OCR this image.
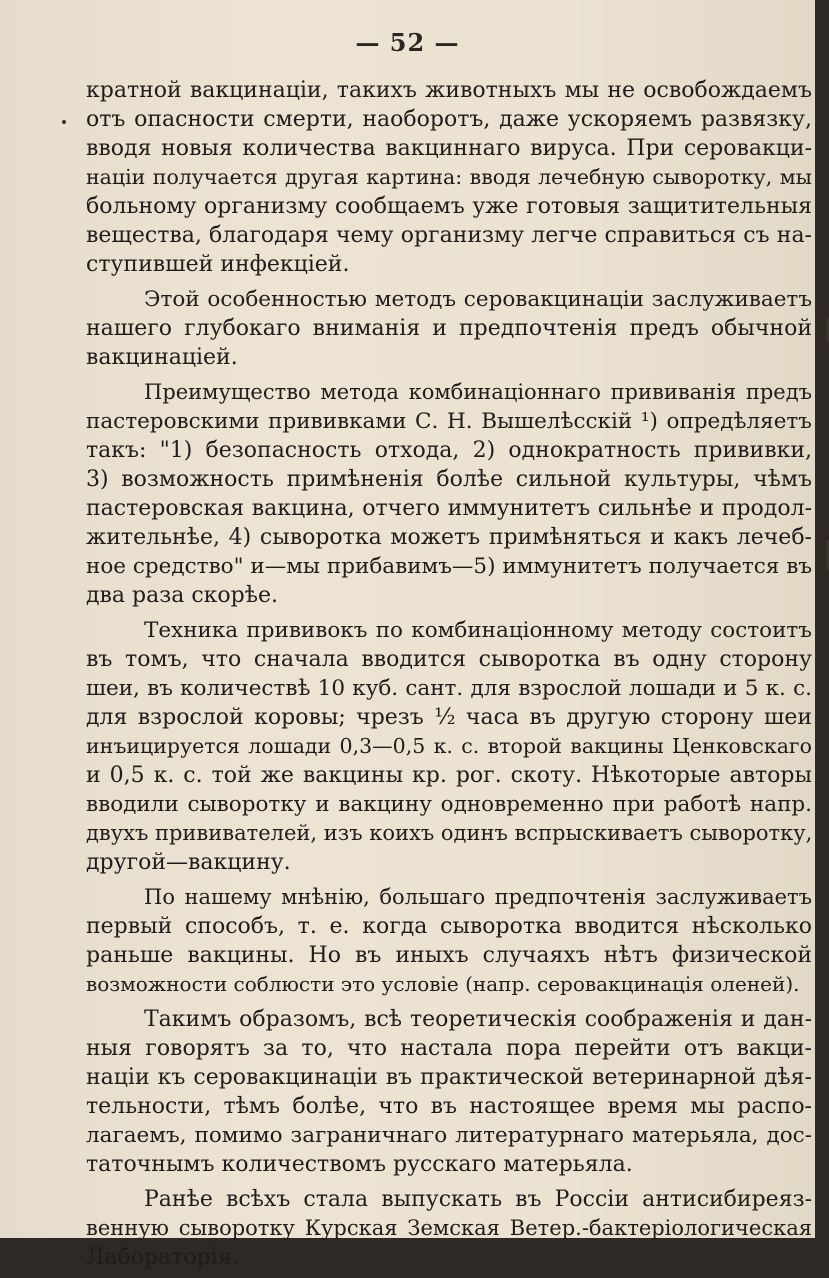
— 52 —
кратной вакцинаціи, такихъ животныхъ мы не освобождаемъ
отъ опасности смерти, наоборотъ, даже ускоряемъ развязку,
вводя новыя количества вакциннаго вируса. При серовакци-
націи получается другая картина: вводя лечебную сыворотку, мы
больному организму сообщаемъ уже готовыя защитительныя
вещества, благодаря чему организму легче справиться съ на-
ступившей инфекціей.
Этой особенностью методъ серовакцинаціи заслуживаетъ
нашего глубокаго вниманія и предпочтенія предъ обычной
вакцинаціей.
Преимущество метода комбинаціоннаго прививанія предъ
пастеровскими прививками С. Н. Вышелѣсскій ¹) опредѣляетъ
такъ: "1) безопасность отхода, 2) однократность прививки,
3) возможность примѣненія болѣе сильной культуры, чѣмъ
пастеровская вакцина, отчего иммунитетъ сильнѣе и продол-
жительнѣе, 4) сыворотка можетъ примѣняться и какъ лечеб-
ное средство" и—мы прибавимъ—5) иммунитетъ получается въ
два раза скорѣе.
Техника прививокъ по комбинаціонному методу состоитъ
въ томъ, что сначала вводится сыворотка въ одну сторону
шеи, въ количествѣ 10 куб. сант. для взрослой лошади и 5 к. с.
для взрослой коровы; чрезъ ½ часа въ другую сторону шеи
инъицируется лошади 0,3—0,5 к. с. второй вакцины Ценковскаго
и 0,5 к. с. той же вакцины кр. рог. скоту. Нѣкоторые авторы
вводили сыворотку и вакцину одновременно при работѣ напр.
двухъ прививателей, изъ коихъ одинъ вспрыскиваетъ сыворотку,
другой—вакцину.
По нашему мнѣнію, большаго предпочтенія заслуживаетъ
первый способъ, т. е. когда сыворотка вводится нѣсколько
раньше вакцины. Но въ иныхъ случаяхъ нѣтъ физической
возможности соблюсти это условіе (напр. серовакцинація оленей).
Такимъ образомъ, всѣ теоретическія соображенія и дан-
ныя говорятъ за то, что настала пора перейти отъ вакци-
націи къ серовакцинаціи въ практической ветеринарной дѣя-
тельности, тѣмъ болѣе, что въ настоящее время мы распо-
лагаемъ, помимо заграничнаго литературнаго матерьяла, дос-
таточнымъ количествомъ русскаго матерьяла.
Ранѣе всѣхъ стала выпускать въ Россіи антисибиреяз-
венную сыворотку Курская Земская Ветер.-бактеріологическая
Лабораторія.
